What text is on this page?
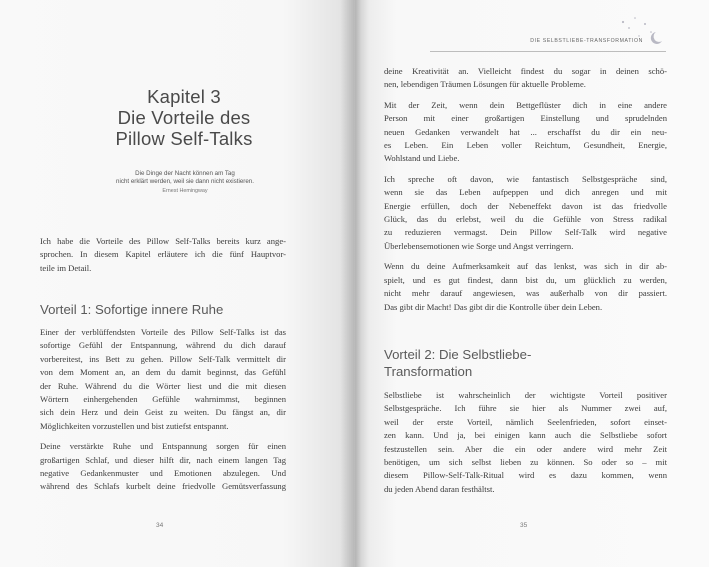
Kapitel 3
Die Vorteile des
Pillow Self-Talks
Die Dinge der Nacht können am Tag
nicht erklärt werden, weil sie dann nicht existieren.
Ernest Hemingway
Ich habe die Vorteile des Pillow Self-Talks bereits kurz ange-
sprochen. In diesem Kapitel erläutere ich die fünf Hauptvor-
teile im Detail.
Vorteil 1: Sofortige innere Ruhe

Einer der verblüffendsten Vorteile des Pillow Self-Talks ist das
sofortige Gefühl der Entspannung, während du dich darauf
vorbereitest, ins Bett zu gehen. Pillow Self-Talk vermittelt dir
von dem Moment an, an dem du damit beginnst, das Gefühl
der Ruhe. Während du die Wörter liest und die mit diesen
Wörtern einhergehenden Gefühle wahrnimmst, beginnen
sich dein Herz und dein Geist zu weiten. Du fängst an, dir
Möglichkeiten vorzustellen und bist zutiefst entspannt.

Deine verstärkte Ruhe und Entspannung sorgen für einen
großartigen Schlaf, und dieser hilft dir, nach einem langen Tag
negative Gedankenmuster und Emotionen abzulegen. Und
während des Schlafs kurbelt deine friedvolle Gemütsverfassung

34	35
DIE SELBSTLIEBE-TRANSFORMATION

deine Kreativität an. Vielleicht findest du sogar in deinen schö-
nen, lebendigen Träumen Lösungen für aktuelle Probleme.

Mit der Zeit, wenn dein Bettgeflüster dich in eine andere
Person mit einer großartigen Einstellung und sprudelnden
neuen Gedanken verwandelt hat ... erschaffst du dir ein neu-
es Leben. Ein Leben voller Reichtum, Gesundheit, Energie,
Wohlstand und Liebe.

Ich spreche oft davon, wie fantastisch Selbstgespräche sind,
wenn sie das Leben aufpeppen und dich anregen und mit
Energie erfüllen, doch der Nebeneffekt davon ist das friedvolle
Glück, das du erlebst, weil du die Gefühle von Stress radikal
zu reduzieren vermagst. Dein Pillow Self-Talk wird negative
Überlebensemotionen wie Sorge und Angst verringern.

Wenn du deine Aufmerksamkeit auf das lenkst, was sich in dir ab-
spielt, und es gut findest, dann bist du, um glücklich zu werden,
nicht mehr darauf angewiesen, was außerhalb von dir passiert.
Das gibt dir Macht! Das gibt dir die Kontrolle über dein Leben.

Vorteil 2: Die Selbstliebe-
Transformation

Selbstliebe ist wahrscheinlich der wichtigste Vorteil positiver
Selbstgespräche. Ich führe sie hier als Nummer zwei auf,
weil der erste Vorteil, nämlich Seelenfrieden, sofort einset-
zen kann. Und ja, bei einigen kann auch die Selbstliebe sofort
festzustellen sein. Aber die ein oder andere wird mehr Zeit
benötigen, um sich selbst lieben zu können. So oder so – mit
diesem Pillow-Self-Talk-Ritual wird es dazu kommen, wenn
du jeden Abend daran festhältst.
